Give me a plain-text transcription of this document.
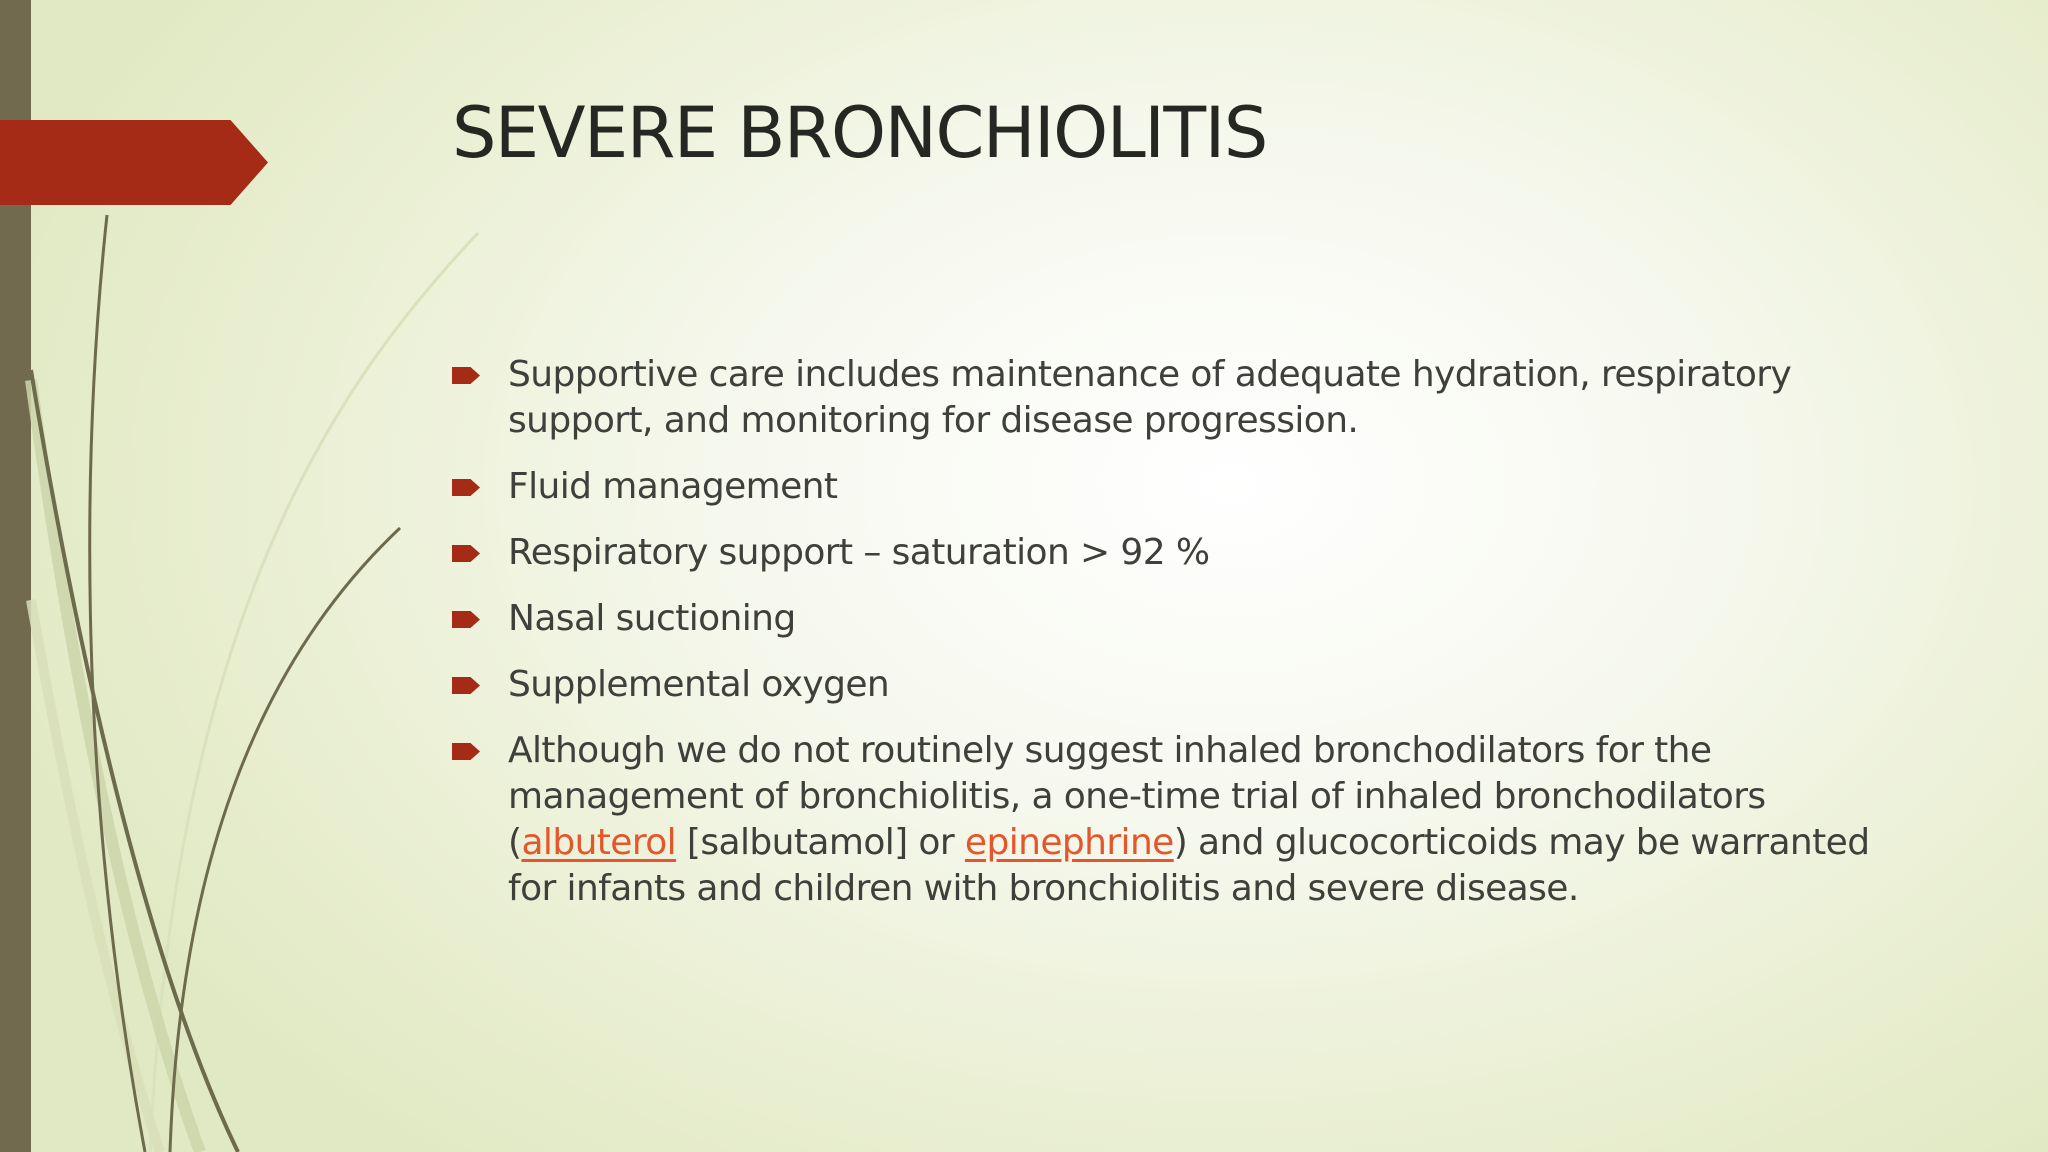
SEVERE BRONCHIOLITIS
Supportive care includes maintenance of adequate hydration, respiratory support, and monitoring for disease progression.
Fluid management
Respiratory support – saturation > 92 %
Nasal suctioning
Supplemental oxygen
Although we do not routinely suggest inhaled bronchodilators for the management of bronchiolitis, a one-time trial of inhaled bronchodilators (albuterol [salbutamol] or epinephrine) and glucocorticoids may be warranted for infants and children with bronchiolitis and severe disease.
